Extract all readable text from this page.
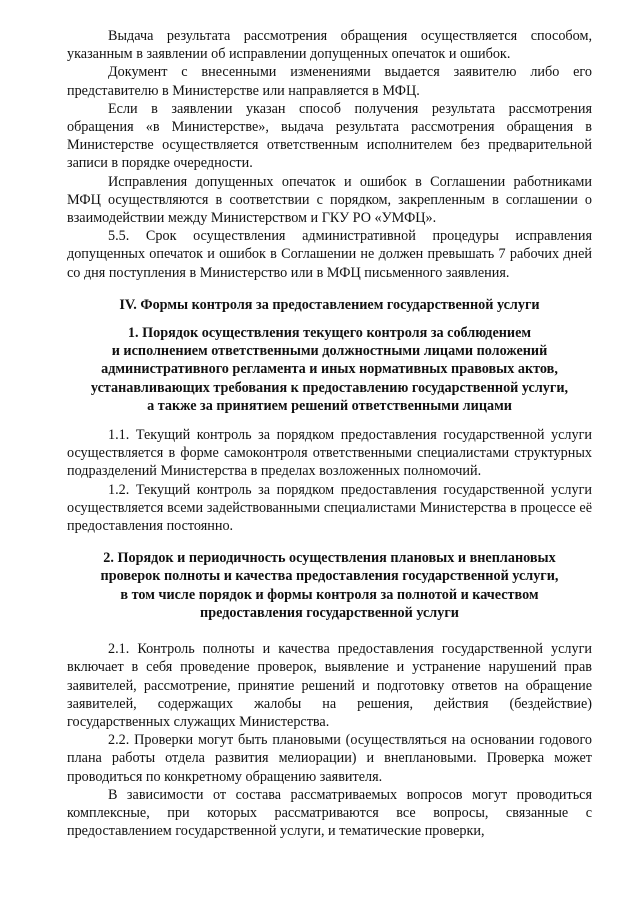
Выдача результата рассмотрения обращения осуществляется способом, указанным в заявлении об исправлении допущенных опечаток и ошибок.

Документ с внесенными изменениями выдается заявителю либо его представителю в Министерстве или направляется в МФЦ.

Если в заявлении указан способ получения результата рассмотрения обращения «в Министерстве», выдача результата рассмотрения обращения в Министерстве осуществляется ответственным исполнителем без предварительной записи в порядке очередности.

Исправления допущенных опечаток и ошибок в Соглашении работниками МФЦ осуществляются в соответствии с порядком, закрепленным в соглашении о взаимодействии между Министерством и ГКУ РО «УМФЦ».

5.5. Срок осуществления административной процедуры исправления допущенных опечаток и ошибок в Соглашении не должен превышать 7 рабочих дней со дня поступления в Министерство или в МФЦ письменного заявления.

IV. Формы контроля за предоставлением государственной услуги
1. Порядок осуществления текущего контроля за соблюдением
и исполнением ответственными должностными лицами положений
административного регламента и иных нормативных правовых актов,
устанавливающих требования к предоставлению государственной услуги,
а также за принятием решений ответственными лицами

1.1. Текущий контроль за порядком предоставления государственной услуги осуществляется в форме самоконтроля ответственными специалистами структурных подразделений Министерства в пределах возложенных полномочий.

1.2. Текущий контроль за порядком предоставления государственной услуги осуществляется всеми задействованными специалистами Министерства в процессе её предоставления постоянно.

2. Порядок и периодичность осуществления плановых и внеплановых
проверок полноты и качества предоставления государственной услуги,
в том числе порядок и формы контроля за полнотой и качеством
предоставления государственной услуги

2.1. Контроль полноты и качества предоставления государственной услуги включает в себя проведение проверок, выявление и устранение нарушений прав заявителей, рассмотрение, принятие решений и подготовку ответов на обращение заявителей, содержащих жалобы на решения, действия (бездействие) государственных служащих Министерства.

2.2. Проверки могут быть плановыми (осуществляться на основании годового плана работы отдела развития мелиорации) и внеплановыми. Проверка может проводиться по конкретному обращению заявителя.

В зависимости от состава рассматриваемых вопросов могут проводиться комплексные, при которых рассматриваются все вопросы, связанные с предоставлением государственной услуги, и тематические проверки,
